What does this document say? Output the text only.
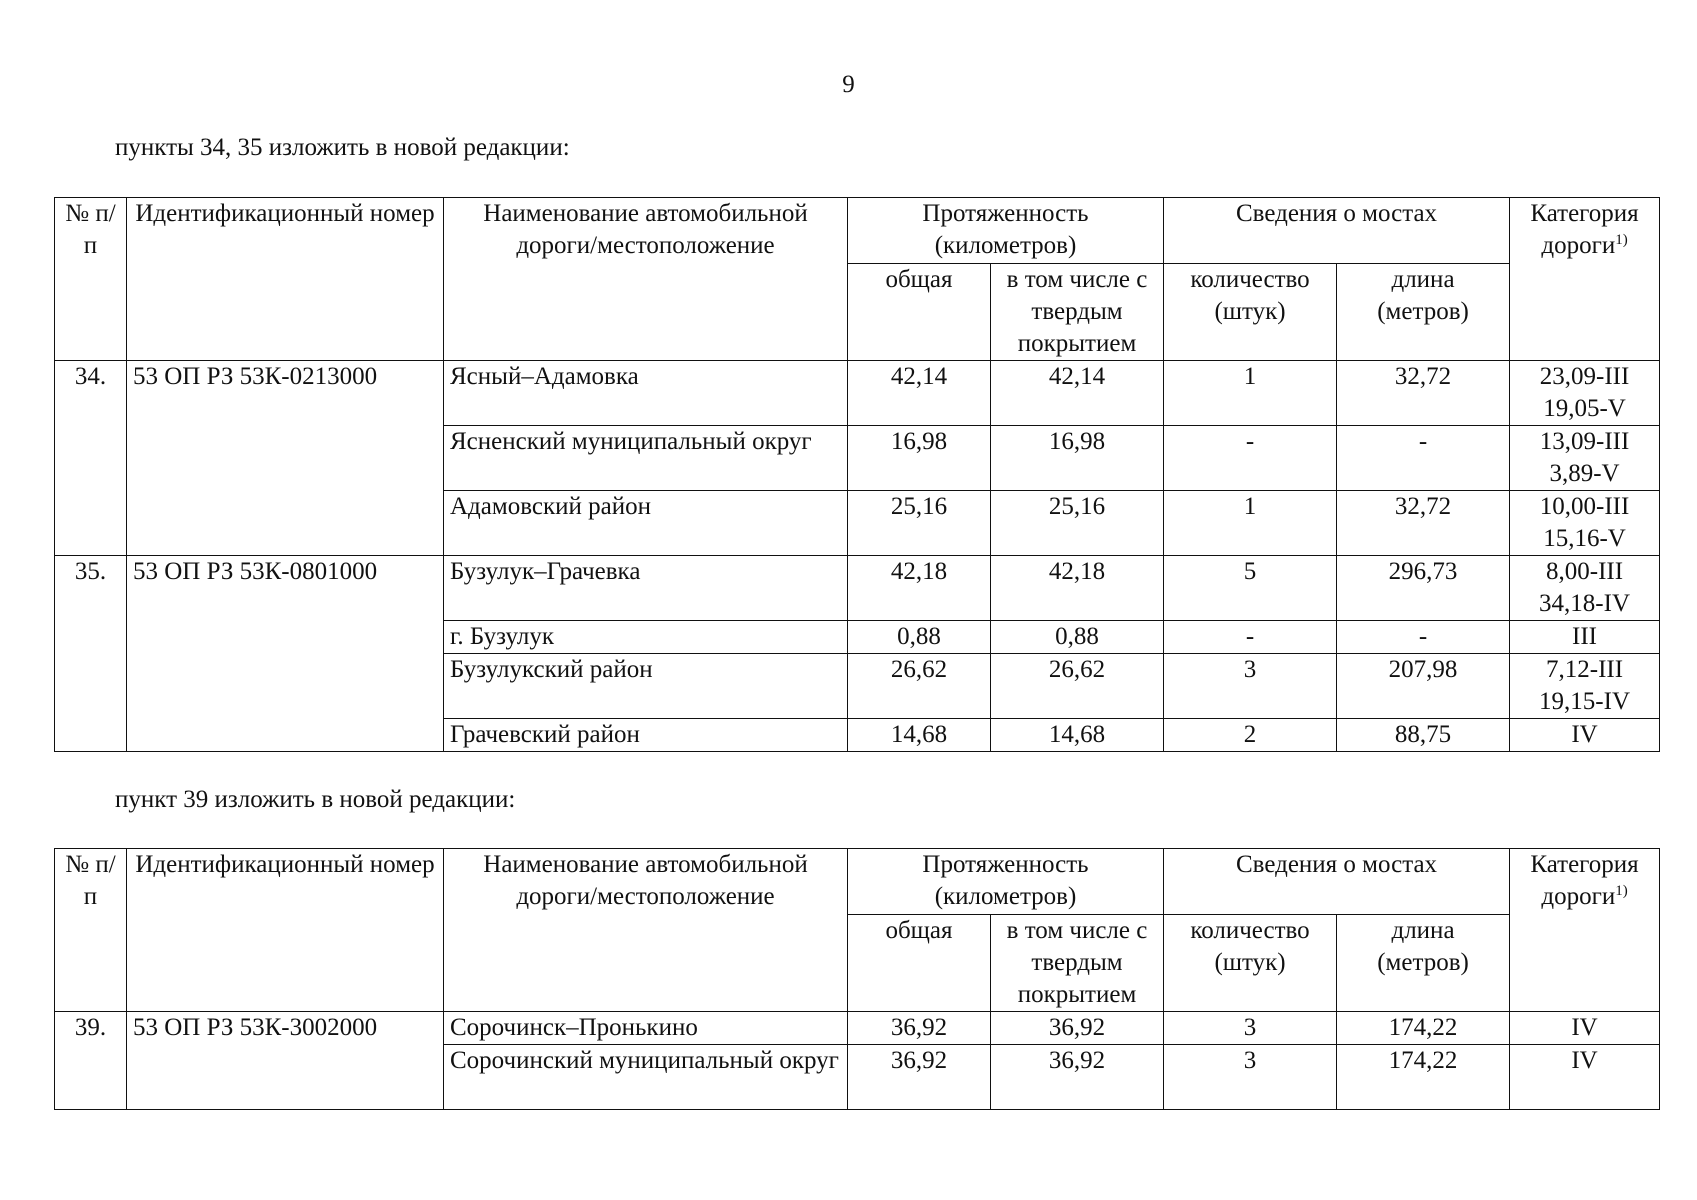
9
пункты 34, 35 изложить в новой редакции:
№ п/п	Идентификационный номер	Наименование автомобильной дороги/местоположение	Протяженность (километров)		Сведения о мостах		Категория дороги$^{1)}$
			общая	в том числе с твердым покрытием	количество (штук)	длина (метров)	
34.	53 ОП РЗ 53К-0213000	Ясный–Адамовка	42,14	42,14	1	32,72	23,09-III
19,05-V

		Ясненский муниципальный округ	16,98	16,98	-	-	13,09-III
3,89-V

		Адамовский район	25,16	25,16	1	32,72	10,00-III
15,16-V

35.	53 ОП РЗ 53К-0801000	Бузулук–Грачевка	42,18	42,18	5	296,73	8,00-III
34,18-IV

		г. Бузулук	0,88	0,88	-	-	III
		Бузулукский район	26,62	26,62	3	207,98	7,12-III
19,15-IV

		Грачевский район	14,68	14,68	2	88,75	IV
пункт 39 изложить в новой редакции:
№ п/п	Идентификационный номер	Наименование автомобильной дороги/местоположение	Протяженность (километров)		Сведения о мостах		Категория дороги$^{1)}$
			общая	в том числе с твердым покрытием	количество (штук)	длина (метров)	
39.	53 ОП РЗ 53К-3002000	Сорочинск–Пронькино	36,92	36,92	3	174,22	IV
		Сорочинский муниципальный округ	36,92	36,92	3	174,22	IV
